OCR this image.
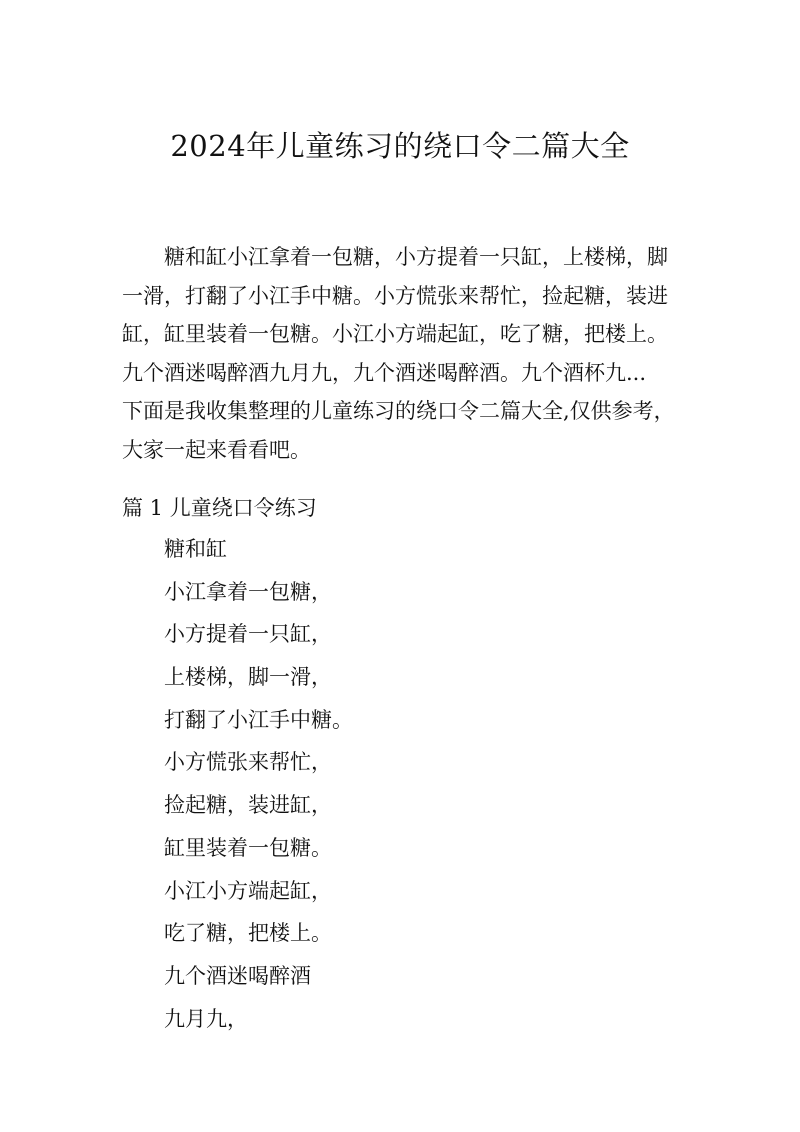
2024年儿童练习的绕口令二篇大全
糖和缸小江拿着一包糖，小方提着一只缸，上楼梯，脚
一滑，打翻了小江手中糖。小方慌张来帮忙，捡起糖，装进
缸，缸里装着一包糖。小江小方端起缸，吃了糖，把楼上。
九个酒迷喝醉酒九月九，九个酒迷喝醉酒。九个酒杯九...
下面是我收集整理的儿童练习的绕口令二篇大全,仅供参考，
大家一起来看看吧。
篇 1 儿童绕口令练习
糖和缸
小江拿着一包糖，
小方提着一只缸，
上楼梯，脚一滑，
打翻了小江手中糖。
小方慌张来帮忙，
捡起糖，装进缸，
缸里装着一包糖。
小江小方端起缸，
吃了糖，把楼上。
九个酒迷喝醉酒
九月九，
